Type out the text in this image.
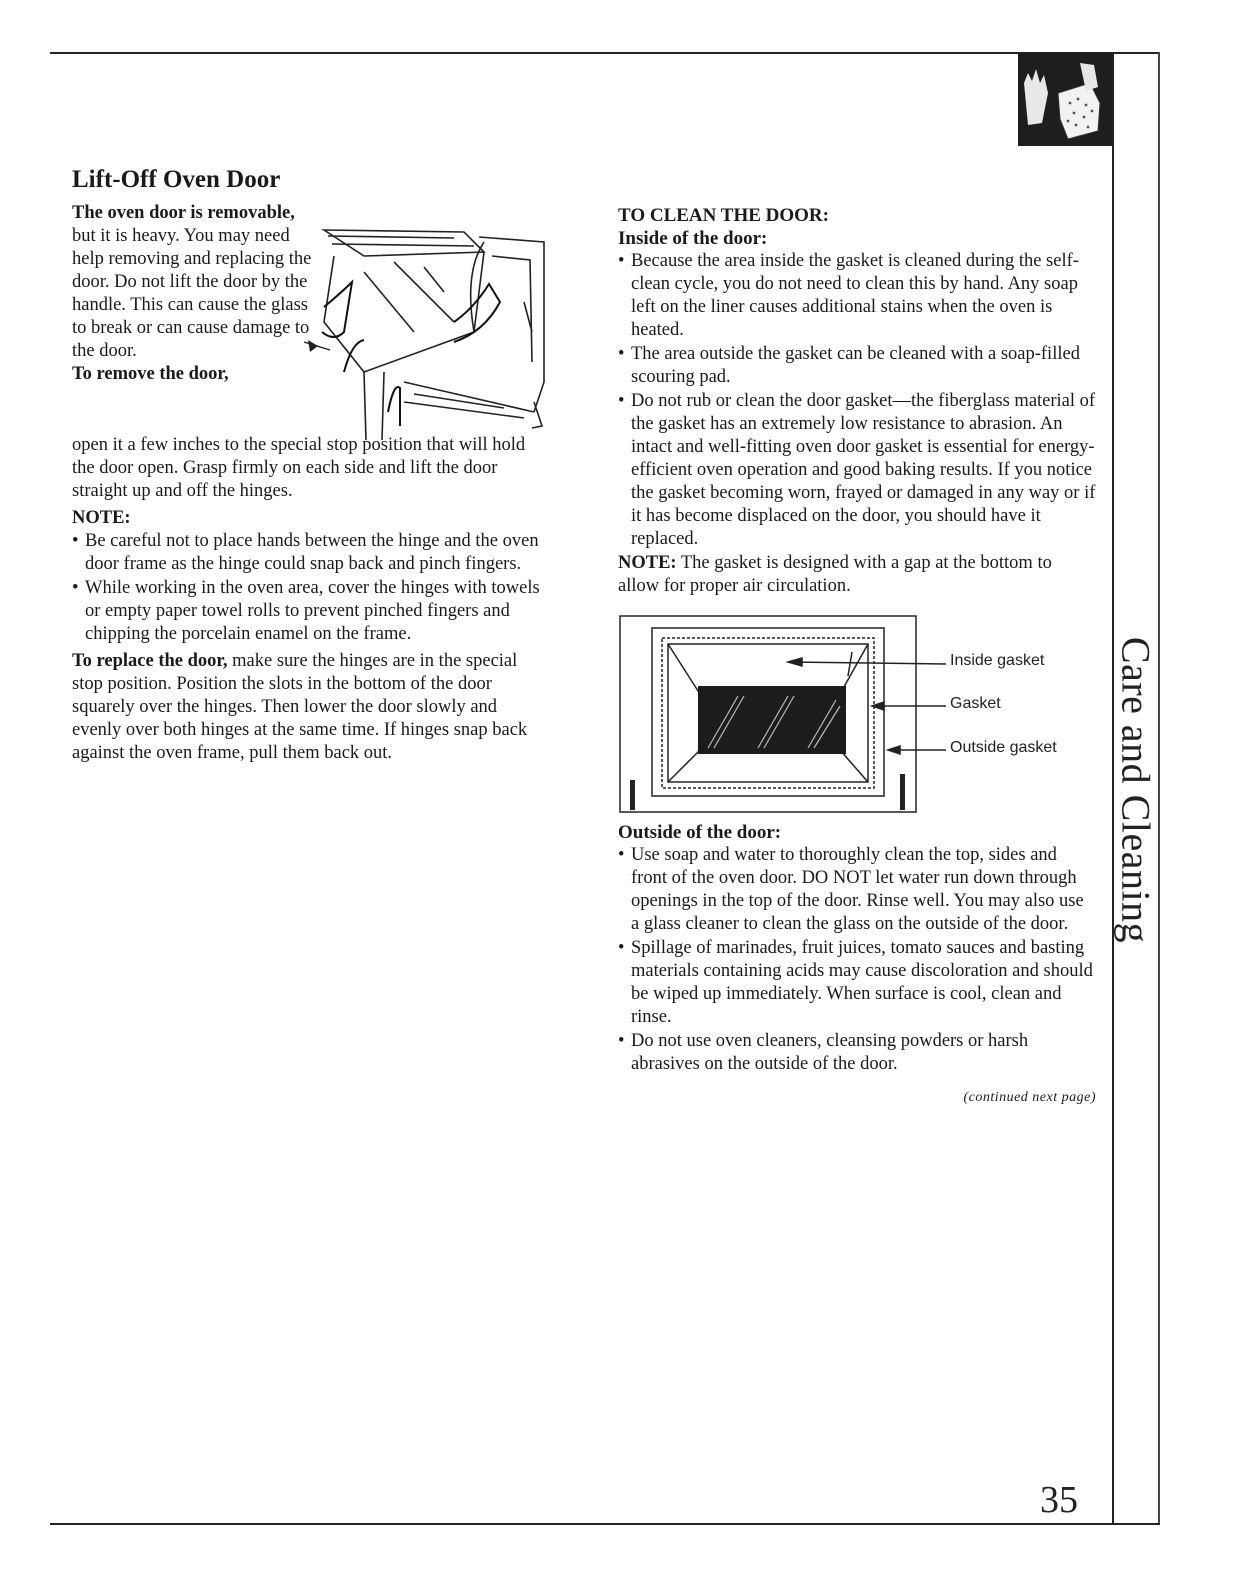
Care and Cleaning
35
Lift-Off Oven Door

The oven door is removable, but it is heavy. You may need help removing and replacing the door. Do not lift the door by the handle. This can cause the glass to break or can cause damage to the door.

To remove the door,

open it a few inches to the special stop position that will hold the door open. Grasp firmly on each side and lift the door straight up and off the hinges.

NOTE:

• Be careful not to place hands between the hinge and the oven door frame as the hinge could snap back and pinch fingers.
• While working in the oven area, cover the hinges with towels or empty paper towel rolls to prevent pinched fingers and chipping the porcelain enamel on the frame.

To replace the door, make sure the hinges are in the special stop position. Position the slots in the bottom of the door squarely over the hinges. Then lower the door slowly and evenly over both hinges at the same time. If hinges snap back against the oven frame, pull them back out.

TO CLEAN THE DOOR:

Inside of the door:

• Because the area inside the gasket is cleaned during the self-clean cycle, you do not need to clean this by hand. Any soap left on the liner causes additional stains when the oven is heated.
• The area outside the gasket can be cleaned with a soap-filled scouring pad.
• Do not rub or clean the door gasket—the fiberglass material of the gasket has an extremely low resistance to abrasion. An intact and well-fitting oven door gasket is essential for energy-efficient oven operation and good baking results. If you notice the gasket becoming worn, frayed or damaged in any way or if it has become displaced on the door, you should have it replaced.

NOTE: The gasket is designed with a gap at the bottom to allow for proper air circulation.

Inside gasket
Gasket
Outside gasket

Outside of the door:

• Use soap and water to thoroughly clean the top, sides and front of the oven door. DO NOT let water run down through openings in the top of the door. Rinse well. You may also use a glass cleaner to clean the glass on the outside of the door.
• Spillage of marinades, fruit juices, tomato sauces and basting materials containing acids may cause discoloration and should be wiped up immediately. When surface is cool, clean and rinse.
• Do not use oven cleaners, cleansing powders or harsh abrasives on the outside of the door.

(continued next page)
